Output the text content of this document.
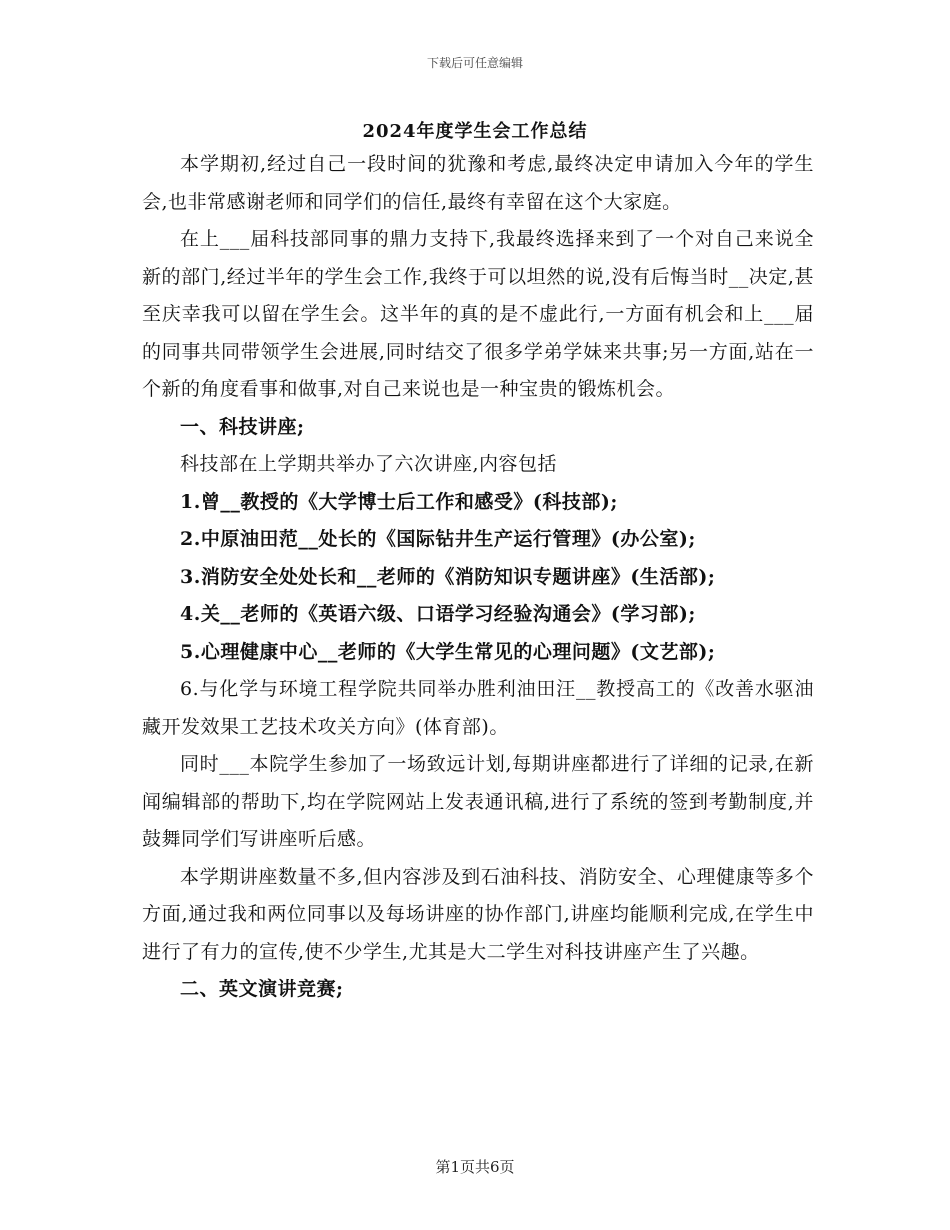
下载后可任意编辑
2024年度学生会工作总结

本学期初,经过自己一段时间的犹豫和考虑,最终决定申请加入今年的学生会,也非常感谢老师和同学们的信任,最终有幸留在这个大家庭。

在上___届科技部同事的鼎力支持下,我最终选择来到了一个对自己来说全新的部门,经过半年的学生会工作,我终于可以坦然的说,没有后悔当时__决定,甚至庆幸我可以留在学生会。这半年的真的是不虚此行,一方面有机会和上___届的同事共同带领学生会进展,同时结交了很多学弟学妹来共事;另一方面,站在一个新的角度看事和做事,对自己来说也是一种宝贵的锻炼机会。

一、科技讲座;

科技部在上学期共举办了六次讲座,内容包括

1.曾__教授的《大学博士后工作和感受》(科技部);

2.中原油田范__处长的《国际钻井生产运行管理》(办公室);

3.消防安全处处长和__老师的《消防知识专题讲座》(生活部);

4.关__老师的《英语六级、口语学习经验沟通会》(学习部);

5.心理健康中心__老师的《大学生常见的心理问题》(文艺部);

6.与化学与环境工程学院共同举办胜利油田汪__教授高工的《改善水驱油藏开发效果工艺技术攻关方向》(体育部)。

同时___本院学生参加了一场致远计划,每期讲座都进行了详细的记录,在新闻编辑部的帮助下,均在学院网站上发表通讯稿,进行了系统的签到考勤制度,并鼓舞同学们写讲座听后感。

本学期讲座数量不多,但内容涉及到石油科技、消防安全、心理健康等多个方面,通过我和两位同事以及每场讲座的协作部门,讲座均能顺利完成,在学生中进行了有力的宣传,使不少学生,尤其是大二学生对科技讲座产生了兴趣。

二、英文演讲竞赛;

第1页共6页
